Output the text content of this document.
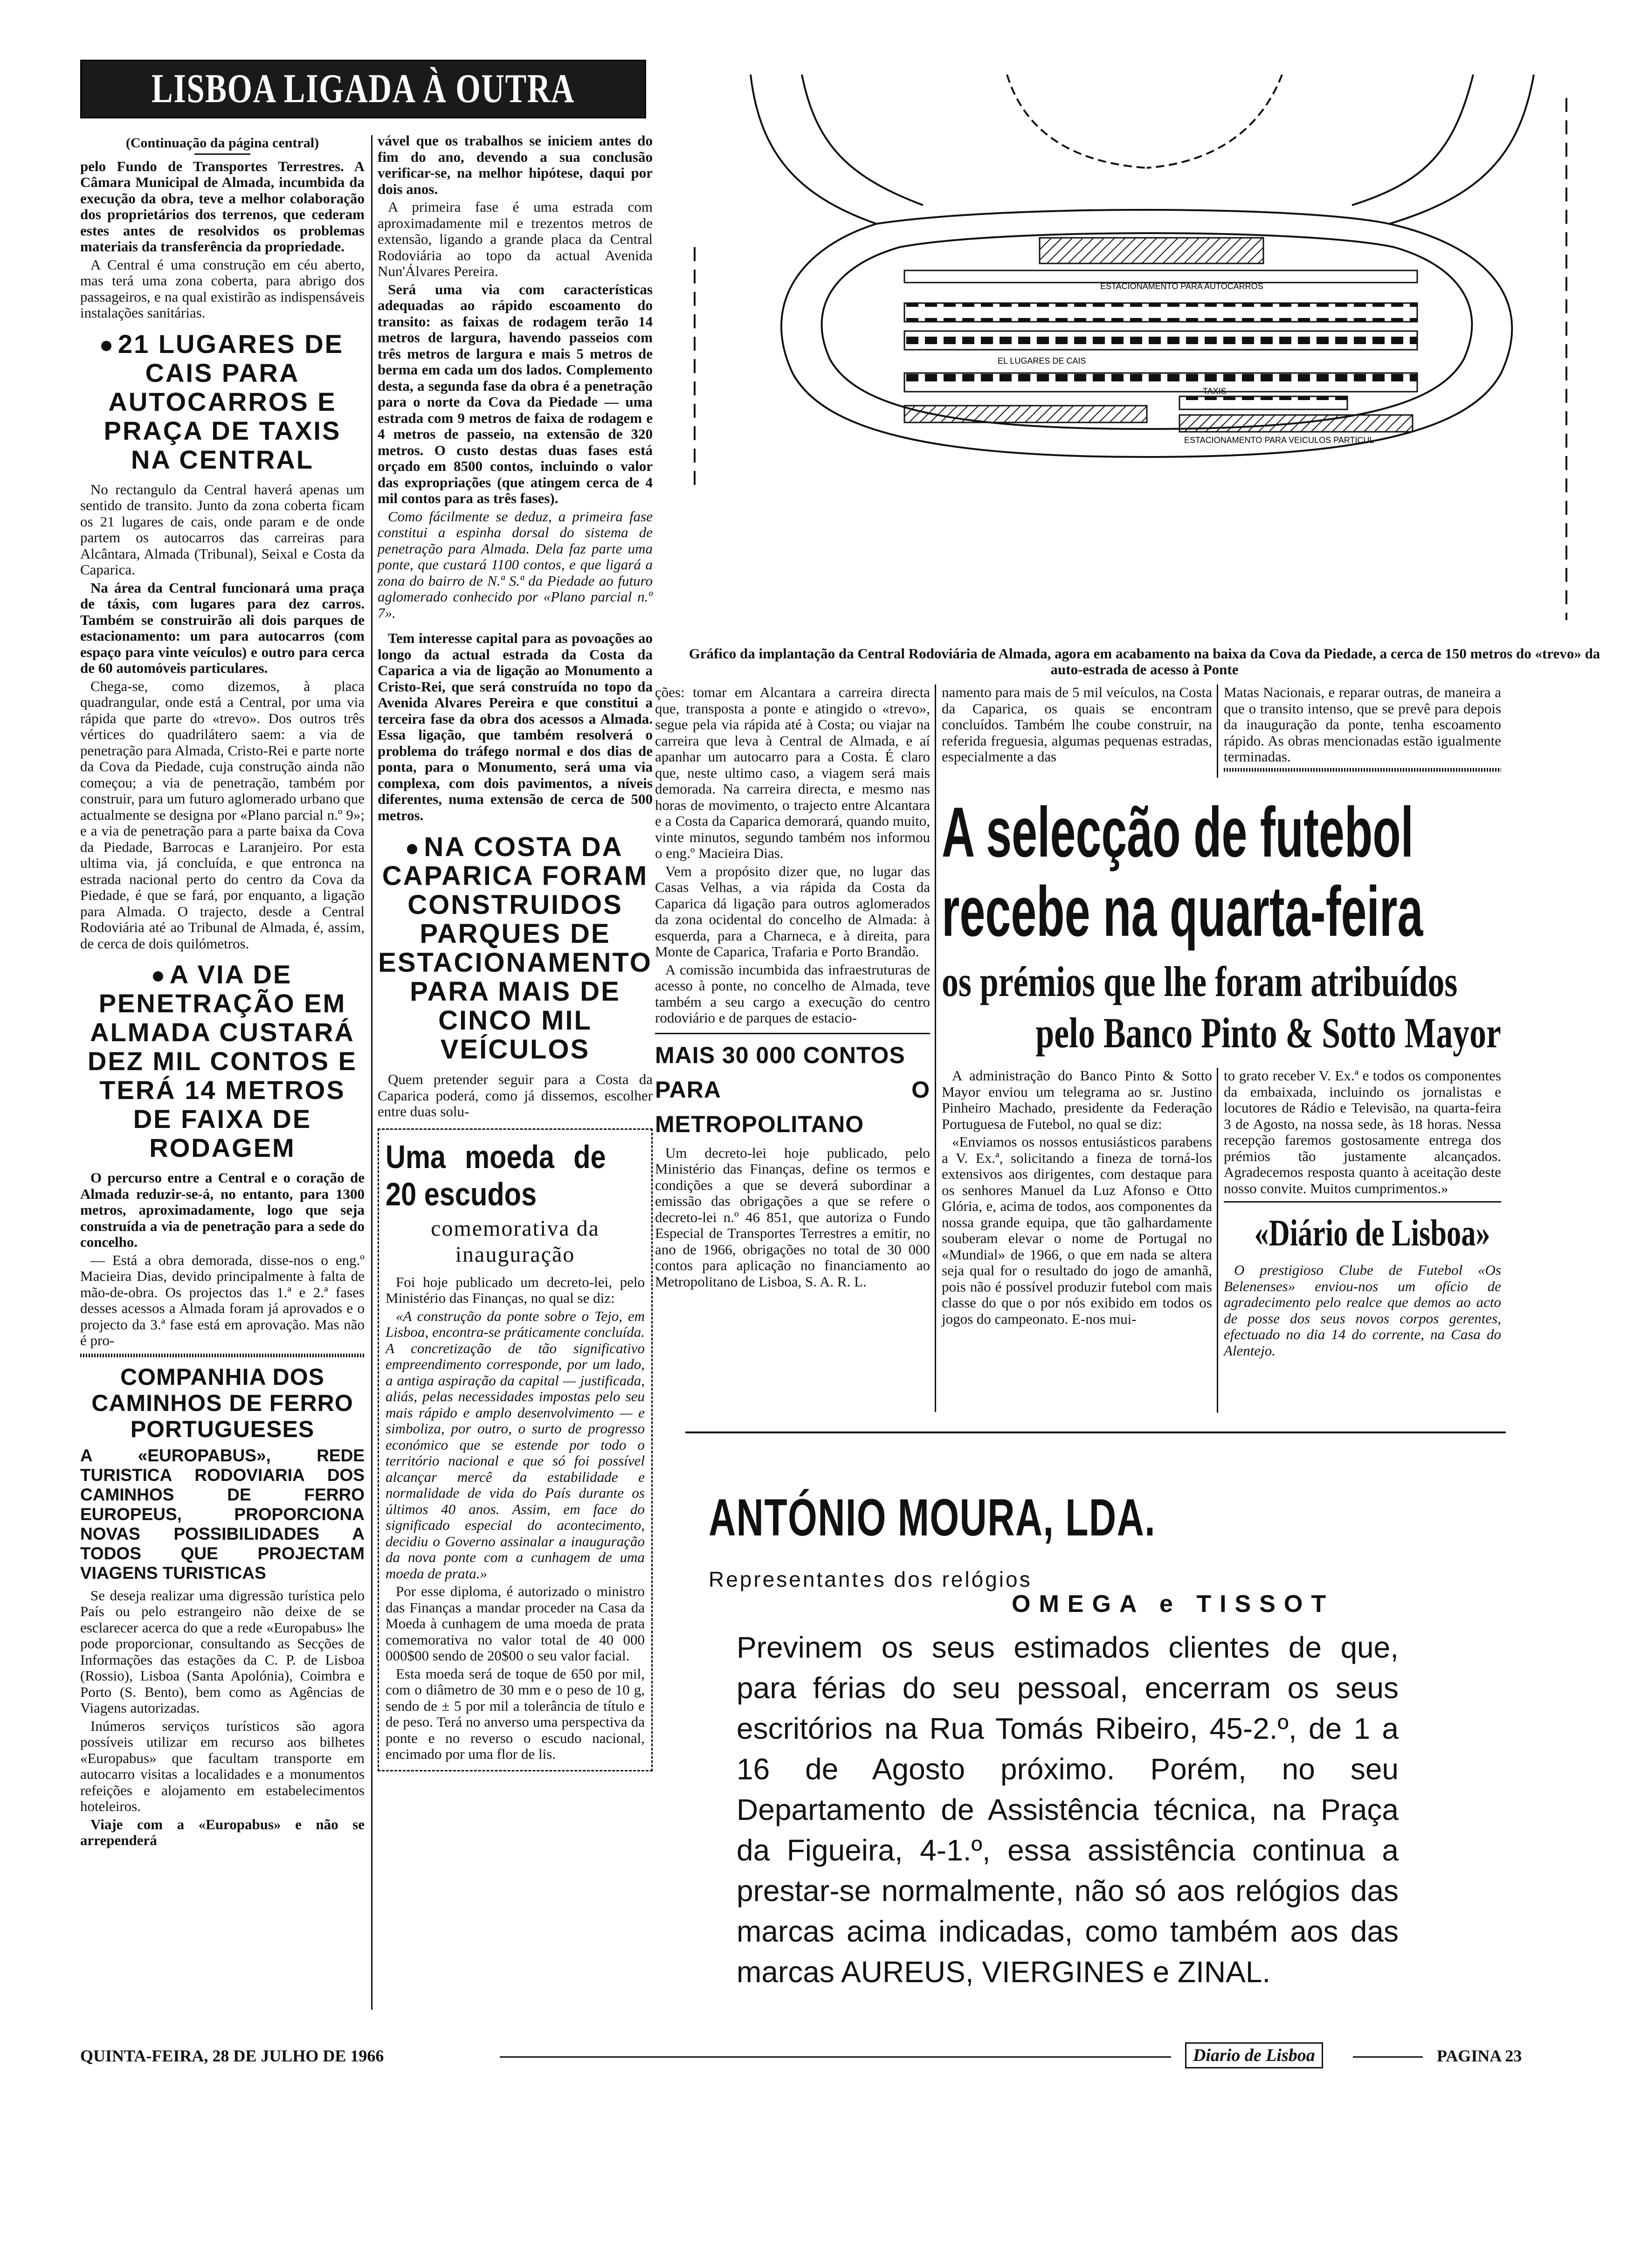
LISBOA LIGADA À OUTRA BANDA

(Continuação da página central)

pelo Fundo de Transportes Terrestres. A Câmara Municipal de Almada, incumbida da execução da obra, teve a melhor colaboração dos proprietários dos terrenos, que cederam estes antes de resolvidos os problemas materiais da transferência da propriedade.

A Central é uma construção em céu aberto, mas terá uma zona coberta, para abrigo dos passageiros, e na qual existirão as indispensáveis instalações sanitárias.

21 LUGARES DE CAIS PARA AUTOCARROS E PRAÇA DE TAXIS NA CENTRAL

No rectangulo da Central haverá apenas um sentido de transito. Junto da zona coberta ficam os 21 lugares de cais, onde param e de onde partem os autocarros das carreiras para Alcântara, Almada (Tribunal), Seixal e Costa da Caparica.

Na área da Central funcionará uma praça de táxis, com lugares para dez carros. Também se construirão ali dois parques de estacionamento: um para autocarros (com espaço para vinte veículos) e outro para cerca de 60 automóveis particulares.

Chega-se, como dizemos, à placa quadrangular, onde está a Central, por uma via rápida que parte do «trevo». Dos outros três vértices do quadrilátero saem: a via de penetração para Almada, Cristo-Rei e parte norte da Cova da Piedade, cuja construção ainda não começou; a via de penetração, também por construir, para um futuro aglomerado urbano que actualmente se designa por «Plano parcial n.º 9»; e a via de penetração para a parte baixa da Cova da Piedade, Barrocas e Laranjeiro. Por esta ultima via, já concluída, e que entronca na estrada nacional perto do centro da Cova da Piedade, é que se fará, por enquanto, a ligação para Almada. O trajecto, desde a Central Rodoviária até ao Tribunal de Almada, é, assim, de cerca de dois quilómetros.

A VIA DE PENETRAÇÃO EM ALMADA CUSTARÁ DEZ MIL CONTOS E TERÁ 14 METROS DE FAIXA DE RODAGEM

O percurso entre a Central e o coração de Almada reduzir-se-á, no entanto, para 1300 metros, aproximadamente, logo que seja construída a via de penetração para a sede do concelho.

— Está a obra demorada, disse-nos o eng.º Macieira Dias, devido principalmente à falta de mão-de-obra. Os projectos das 1.ª e 2.ª fases desses acessos a Almada foram já aprovados e o projecto da 3.ª fase está em aprovação. Mas não é pro-

COMPANHIA DOS CAMINHOS DE FERRO PORTUGUESES
A «EUROPABUS», REDE TURISTICA RODOVIARIA DOS CAMINHOS DE FERRO EUROPEUS, PROPORCIONA NOVAS POSSIBILIDADES A TODOS QUE PROJECTAM VIAGENS TURISTICAS

Se deseja realizar uma digressão turística pelo País ou pelo estrangeiro não deixe de se esclarecer acerca do que a rede «Europabus» lhe pode proporcionar, consultando as Secções de Informações das estações da C. P. de Lisboa (Rossio), Lisboa (Santa Apolónia), Coimbra e Porto (S. Bento), bem como as Agências de Viagens autorizadas.

Inúmeros serviços turísticos são agora possíveis utilizar em recurso aos bilhetes «Europabus» que facultam transporte em autocarro visitas a localidades e a monumentos refeições e alojamento em estabelecimentos hoteleiros.

Viaje com a «Europabus» e não se arrependerá

vável que os trabalhos se iniciem antes do fim do ano, devendo a sua conclusão verificar-se, na melhor hipótese, daqui por dois anos.

A primeira fase é uma estrada com aproximadamente mil e trezentos metros de extensão, ligando a grande placa da Central Rodoviária ao topo da actual Avenida Nun'Álvares Pereira.

Será uma via com características adequadas ao rápido escoamento do transito: as faixas de rodagem terão 14 metros de largura, havendo passeios com três metros de largura e mais 5 metros de berma em cada um dos lados. Complemento desta, a segunda fase da obra é a penetração para o norte da Cova da Piedade — uma estrada com 9 metros de faixa de rodagem e 4 metros de passeio, na extensão de 320 metros. O custo destas duas fases está orçado em 8500 contos, incluindo o valor das expropriações (que atingem cerca de 4 mil contos para as três fases).

Como fácilmente se deduz, a primeira fase constitui a espinha dorsal do sistema de penetração para Almada. Dela faz parte uma ponte, que custará 1100 contos, e que ligará a zona do bairro de N.ª S.ª da Piedade ao futuro aglomerado conhecido por «Plano parcial n.º 7».

Tem interesse capital para as povoações ao longo da actual estrada da Costa da Caparica a via de ligação ao Monumento a Cristo-Rei, que será construída no topo da Avenida Alvares Pereira e que constitui a terceira fase da obra dos acessos a Almada. Essa ligação, que também resolverá o problema do tráfego normal e dos dias de ponta, para o Monumento, será uma via complexa, com dois pavimentos, a níveis diferentes, numa extensão de cerca de 500 metros.

NA COSTA DA CAPARICA FORAM CONSTRUIDOS PARQUES DE ESTACIONAMENTO PARA MAIS DE CINCO MIL VEÍCULOS

Quem pretender seguir para a Costa da Caparica poderá, como já dissemos, escolher entre duas solu-

Uma moeda de 20 escudos
comemorativa da inauguração

Foi hoje publicado um decreto-lei, pelo Ministério das Finanças, no qual se diz:

«A construção da ponte sobre o Tejo, em Lisboa, encontra-se práticamente concluída. A concretização de tão significativo empreendimento corresponde, por um lado, a antiga aspiração da capital — justificada, aliás, pelas necessidades impostas pelo seu mais rápido e amplo desenvolvimento — e simboliza, por outro, o surto de progresso económico que se estende por todo o território nacional e que só foi possível alcançar mercê da estabilidade e normalidade de vida do País durante os últimos 40 anos. Assim, em face do significado especial do acontecimento, decidiu o Governo assinalar a inauguração da nova ponte com a cunhagem de uma moeda de prata.»

Por esse diploma, é autorizado o ministro das Finanças a mandar proceder na Casa da Moeda à cunhagem de uma moeda de prata comemorativa no valor total de 40 000 000$00 sendo de 20$00 o seu valor facial.

Esta moeda será de toque de 650 por mil, com o diâmetro de 30 mm e o peso de 10 g, sendo de ± 5 por mil a tolerância de título e de peso. Terá no anverso uma perspectiva da ponte e no reverso o escudo nacional, encimado por uma flor de lis.

ESTACIONAMENTO PARA AUTOCARROS
EL LUGARES DE CAIS
TAXIS
ESTACIONAMENTO PARA VEICULOS PARTICUL
Gráfico da implantação da Central Rodoviária de Almada, agora em acabamento na baixa da Cova da Piedade, a cerca de 150 metros do «trevo» da auto-estrada de acesso à Ponte

ções: tomar em Alcantara a carreira directa que, transposta a ponte e atingido o «trevo», segue pela via rápida até à Costa; ou viajar na carreira que leva à Central de Almada, e aí apanhar um autocarro para a Costa. É claro que, neste ultimo caso, a viagem será mais demorada. Na carreira directa, e mesmo nas horas de movimento, o trajecto entre Alcantara e a Costa da Caparica demorará, quando muito, vinte minutos, segundo também nos informou o eng.º Macieira Dias.

Vem a propósito dizer que, no lugar das Casas Velhas, a via rápida da Costa da Caparica dá ligação para outros aglomerados da zona ocidental do concelho de Almada: à esquerda, para a Charneca, e à direita, para Monte de Caparica, Trafaria e Porto Brandão.

A comissão incumbida das infraestruturas de acesso à ponte, no concelho de Almada, teve também a seu cargo a execução do centro rodoviário e de parques de estacio-

MAIS 30 000 CONTOS
PARA O METROPOLITANO

Um decreto-lei hoje publicado, pelo Ministério das Finanças, define os termos e condições a que se deverá subordinar a emissão das obrigações a que se refere o decreto-lei n.º 46 851, que autoriza o Fundo Especial de Transportes Terrestres a emitir, no ano de 1966, obrigações no total de 30 000 contos para aplicação no financiamento ao Metropolitano de Lisboa, S. A. R. L.

namento para mais de 5 mil veículos, na Costa da Caparica, os quais se encontram concluídos. Também lhe coube construir, na referida freguesia, algumas pequenas estradas, especialmente a das

Matas Nacionais, e reparar outras, de maneira a que o transito intenso, que se prevê para depois da inauguração da ponte, tenha escoamento rápido. As obras mencionadas estão igualmente terminadas.

A selecção de futebol
recebe na quarta-feira
os prémios que lhe foram atribuídos
pelo Banco Pinto & Sotto Mayor

A administração do Banco Pinto & Sotto Mayor enviou um telegrama ao sr. Justino Pinheiro Machado, presidente da Federação Portuguesa de Futebol, no qual se diz:

«Enviamos os nossos entusiásticos parabens a V. Ex.ª, solicitando a fineza de torná-los extensivos aos dirigentes, com destaque para os senhores Manuel da Luz Afonso e Otto Glória, e, acima de todos, aos componentes da nossa grande equipa, que tão galhardamente souberam elevar o nome de Portugal no «Mundial» de 1966, o que em nada se altera seja qual for o resultado do jogo de amanhã, pois não é possível produzir futebol com mais classe do que o por nós exibido em todos os jogos do campeonato. E-nos mui-

to grato receber V. Ex.ª e todos os componentes da embaixada, incluindo os jornalistas e locutores de Rádio e Televisão, na quarta-feira 3 de Agosto, na nossa sede, às 18 horas. Nessa recepção faremos gostosamente entrega dos prémios tão justamente alcançados. Agradecemos resposta quanto à aceitação deste nosso convite. Muitos cumprimentos.»

«Diário de Lisboa»

O prestigioso Clube de Futebol «Os Belenenses» enviou-nos um ofício de agradecimento pelo realce que demos ao acto de posse dos seus novos corpos gerentes, efectuado no dia 14 do corrente, na Casa do Alentejo.

ANTÓNIO MOURA, LDA.
Representantes dos relógios
OMEGA e TISSOT
Previnem os seus estimados clientes de que, para férias do seu pessoal, encerram os seus escritórios na Rua Tomás Ribeiro, 45-2.º, de 1 a 16 de Agosto próximo. Porém, no seu Departamento de Assistência técnica, na Praça da Figueira, 4-1.º, essa assistência continua a prestar-se normalmente, não só aos relógios das marcas acima indicadas, como também aos das marcas AUREUS, VIERGINES e ZINAL.
QUINTA-FEIRA, 28 DE JULHO DE 1966	Diario de Lisboa	PAGINA 23
